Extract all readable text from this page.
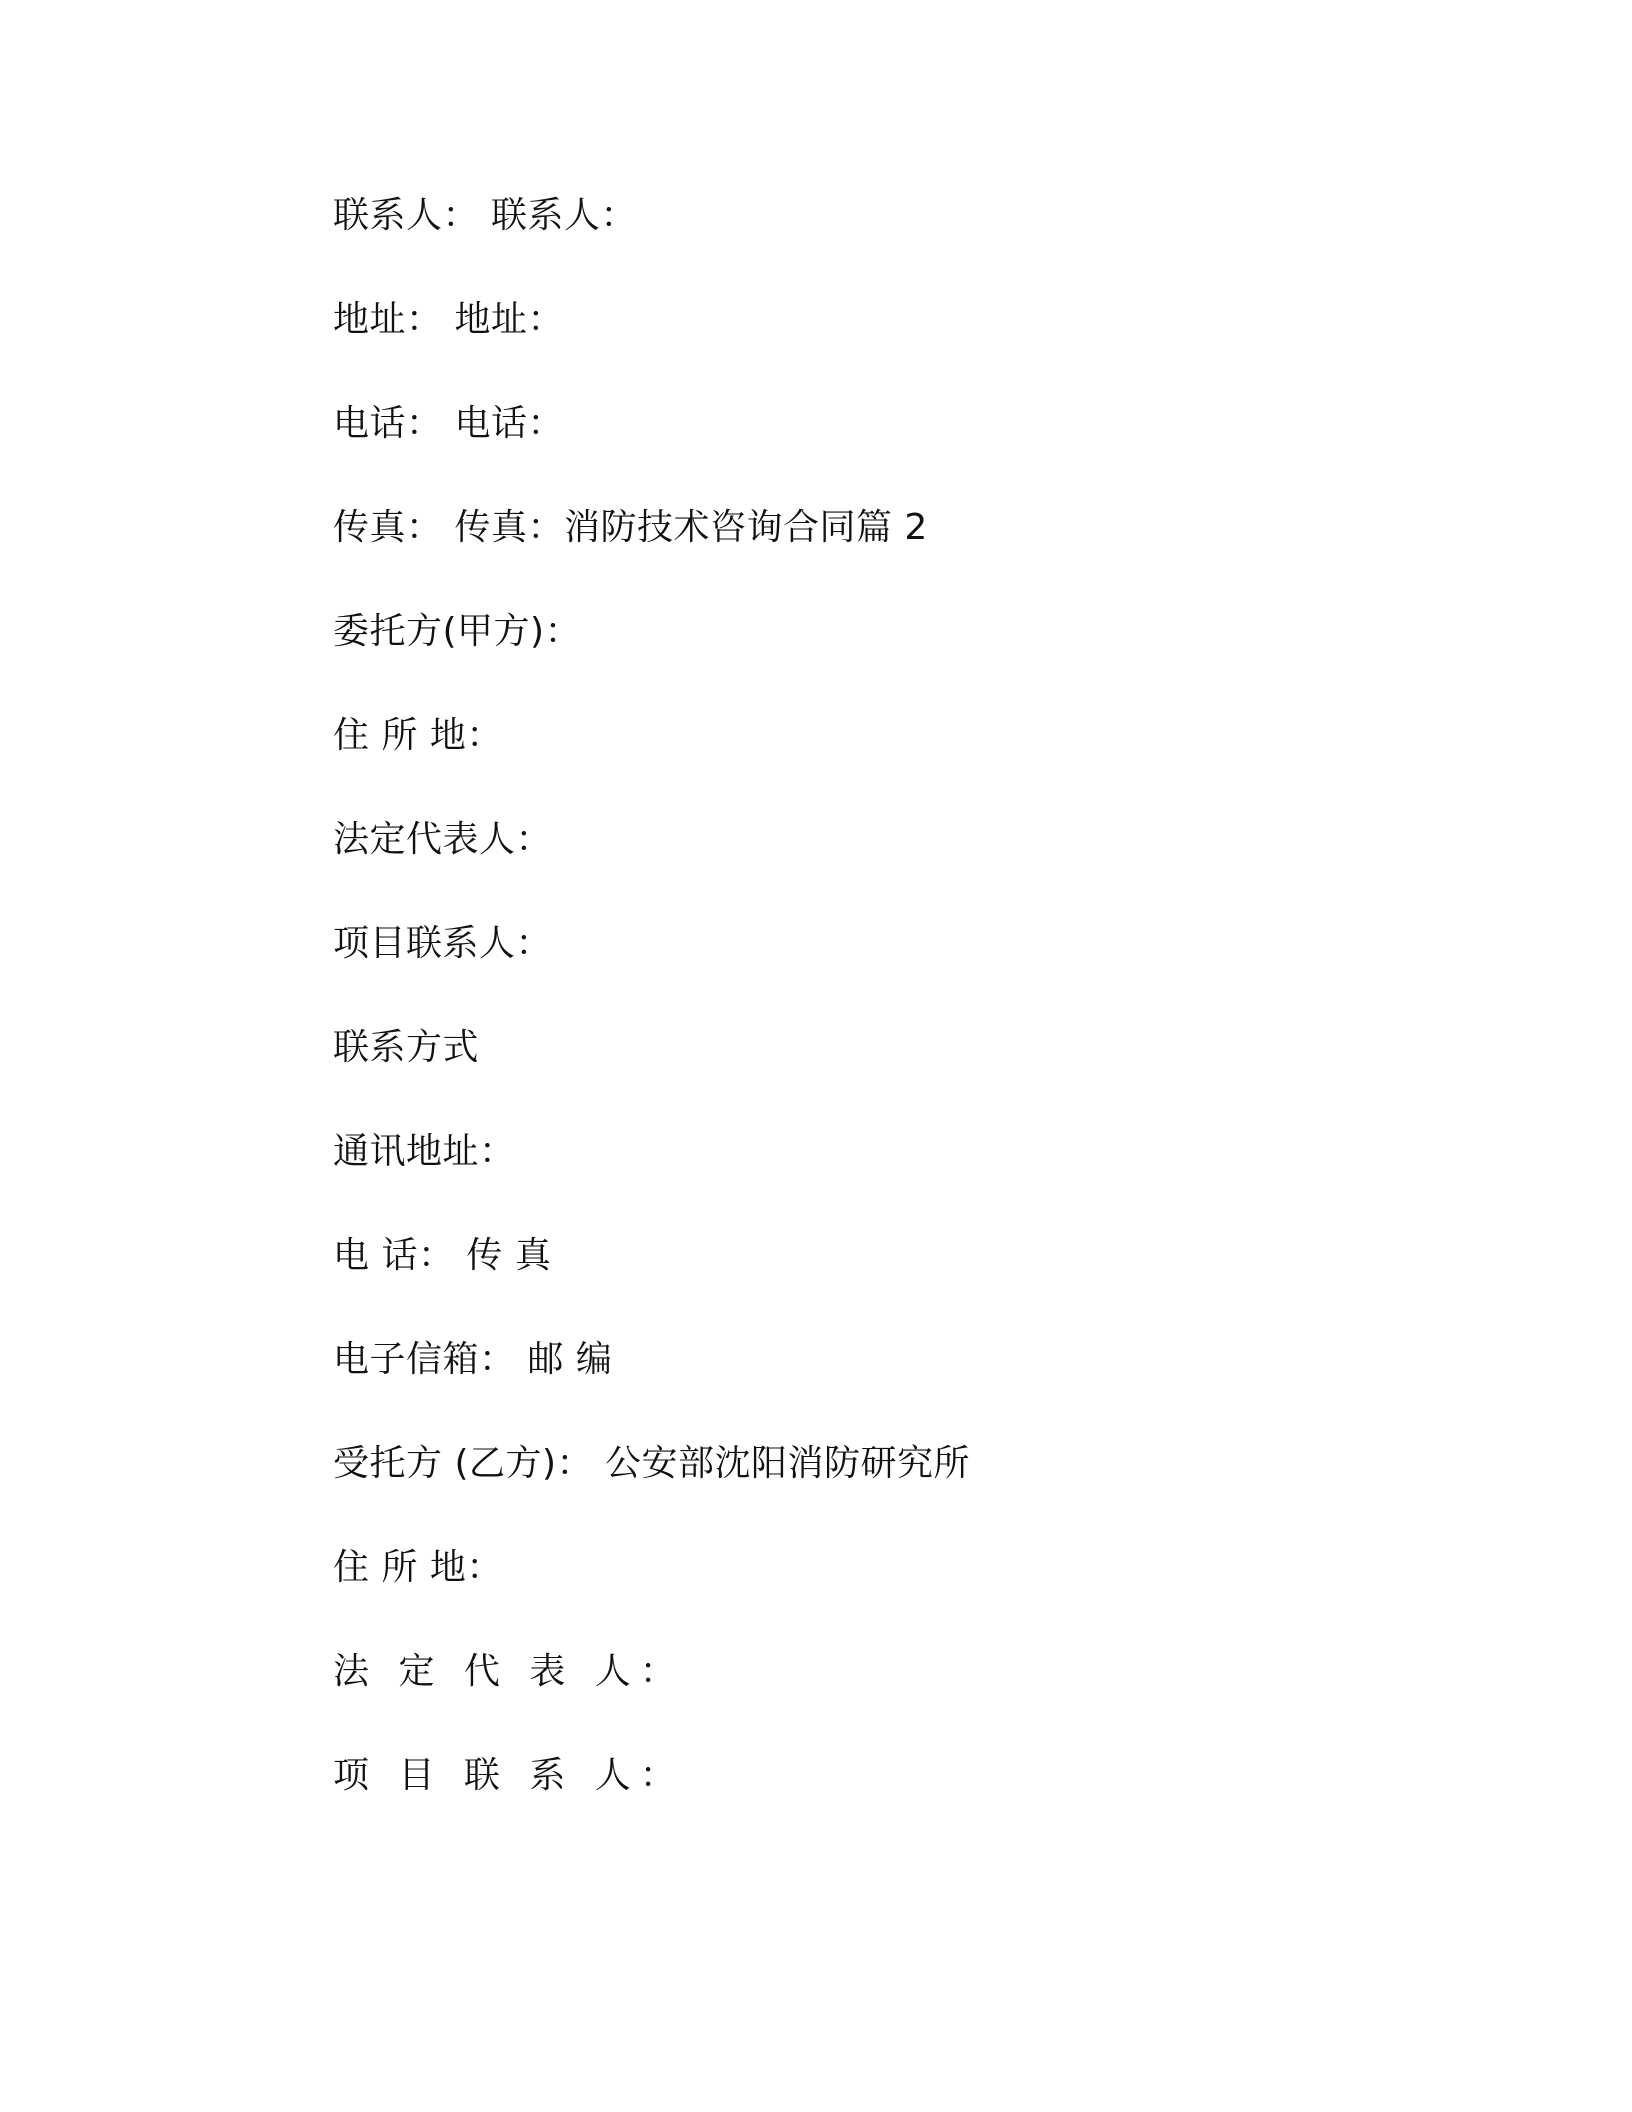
联系人： 联系人：
地址： 地址：
电话： 电话：
传真： 传真：消防技术咨询合同篇 2
委托方(甲方)：
住 所 地：
法定代表人：
项目联系人：
联系方式
通讯地址：
电 话： 传 真
电子信箱： 邮 编
受托方 (乙方)： 公安部沈阳消防研究所
住 所 地：
法 定 代 表 人：
项 目 联 系 人：
